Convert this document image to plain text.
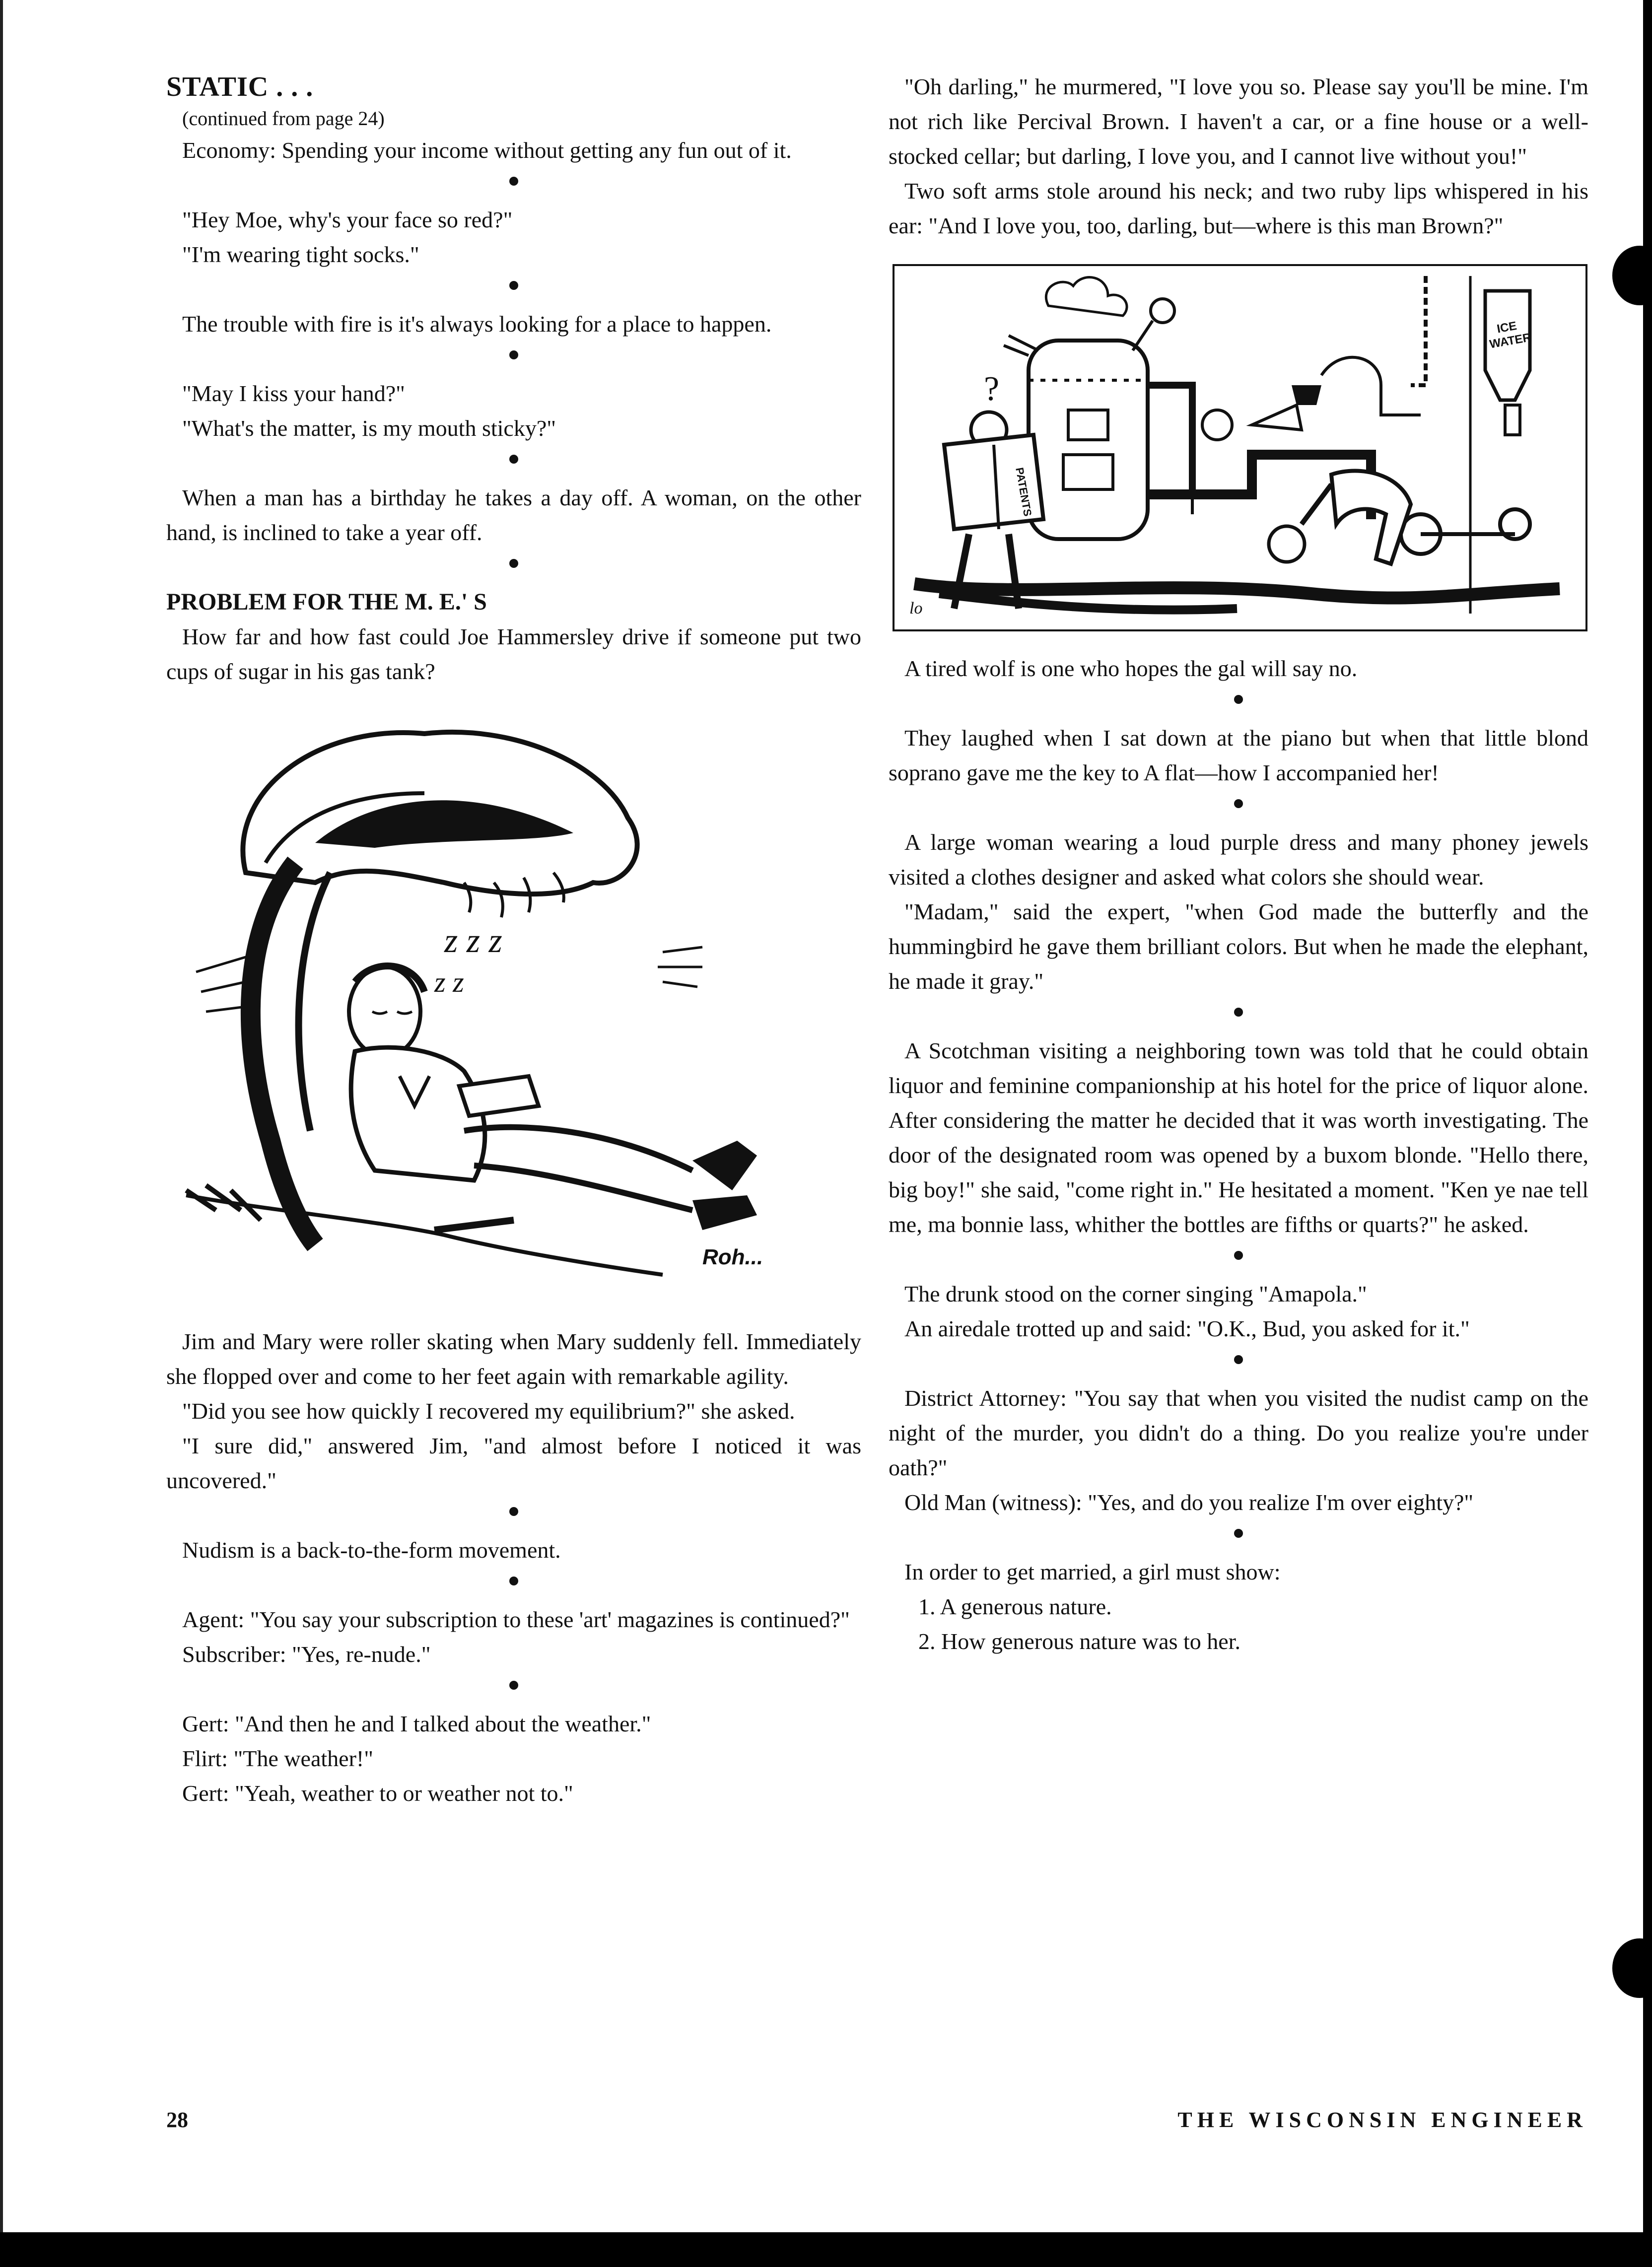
STATIC . . .

(continued from page 24)

Economy: Spending your income without getting any fun out of it.

"Hey Moe, why's your face so red?"

"I'm wearing tight socks."

The trouble with fire is it's always looking for a place to happen.

"May I kiss your hand?"

"What's the matter, is my mouth sticky?"

When a man has a birthday he takes a day off. A woman, on the other hand, is inclined to take a year off.

PROBLEM FOR THE M. E.' S

How far and how fast could Joe Hammersley drive if someone put two cups of sugar in his gas tank?

z z z
z z
Roh...

Jim and Mary were roller skating when Mary suddenly fell. Immediately she flopped over and come to her feet again with remarkable agility.

"Did you see how quickly I recovered my equilibrium?" she asked.

"I sure did," answered Jim, "and almost before I noticed it was uncovered."

Nudism is a back-to-the-form movement.

Agent: "You say your subscription to these 'art' magazines is continued?"

Subscriber: "Yes, re-nude."

Gert: "And then he and I talked about the weather."

Flirt: "The weather!"

Gert: "Yeah, weather to or weather not to."

"Oh darling," he murmered, "I love you so. Please say you'll be mine. I'm not rich like Percival Brown. I haven't a car, or a fine house or a well-stocked cellar; but darling, I love you, and I cannot live without you!"

Two soft arms stole around his neck; and two ruby lips whispered in his ear: "And I love you, too, darling, but—where is this man Brown?"

?
lo
PATENTS
ICE WATER

A tired wolf is one who hopes the gal will say no.

They laughed when I sat down at the piano but when that little blond soprano gave me the key to A flat—how I accompanied her!

A large woman wearing a loud purple dress and many phoney jewels visited a clothes designer and asked what colors she should wear.

"Madam," said the expert, "when God made the butterfly and the hummingbird he gave them brilliant colors. But when he made the elephant, he made it gray."

A Scotchman visiting a neighboring town was told that he could obtain liquor and feminine companionship at his hotel for the price of liquor alone. After considering the matter he decided that it was worth investigating. The door of the designated room was opened by a buxom blonde. "Hello there, big boy!" she said, "come right in." He hesitated a moment. "Ken ye nae tell me, ma bonnie lass, whither the bottles are fifths or quarts?" he asked.

The drunk stood on the corner singing "Amapola."

An airedale trotted up and said: "O.K., Bud, you asked for it."

District Attorney: "You say that when you visited the nudist camp on the night of the murder, you didn't do a thing. Do you realize you're under oath?"

Old Man (witness): "Yes, and do you realize I'm over eighty?"

In order to get married, a girl must show:

1. A generous nature.

2. How generous nature was to her.

28	THE WISCONSIN ENGINEER
